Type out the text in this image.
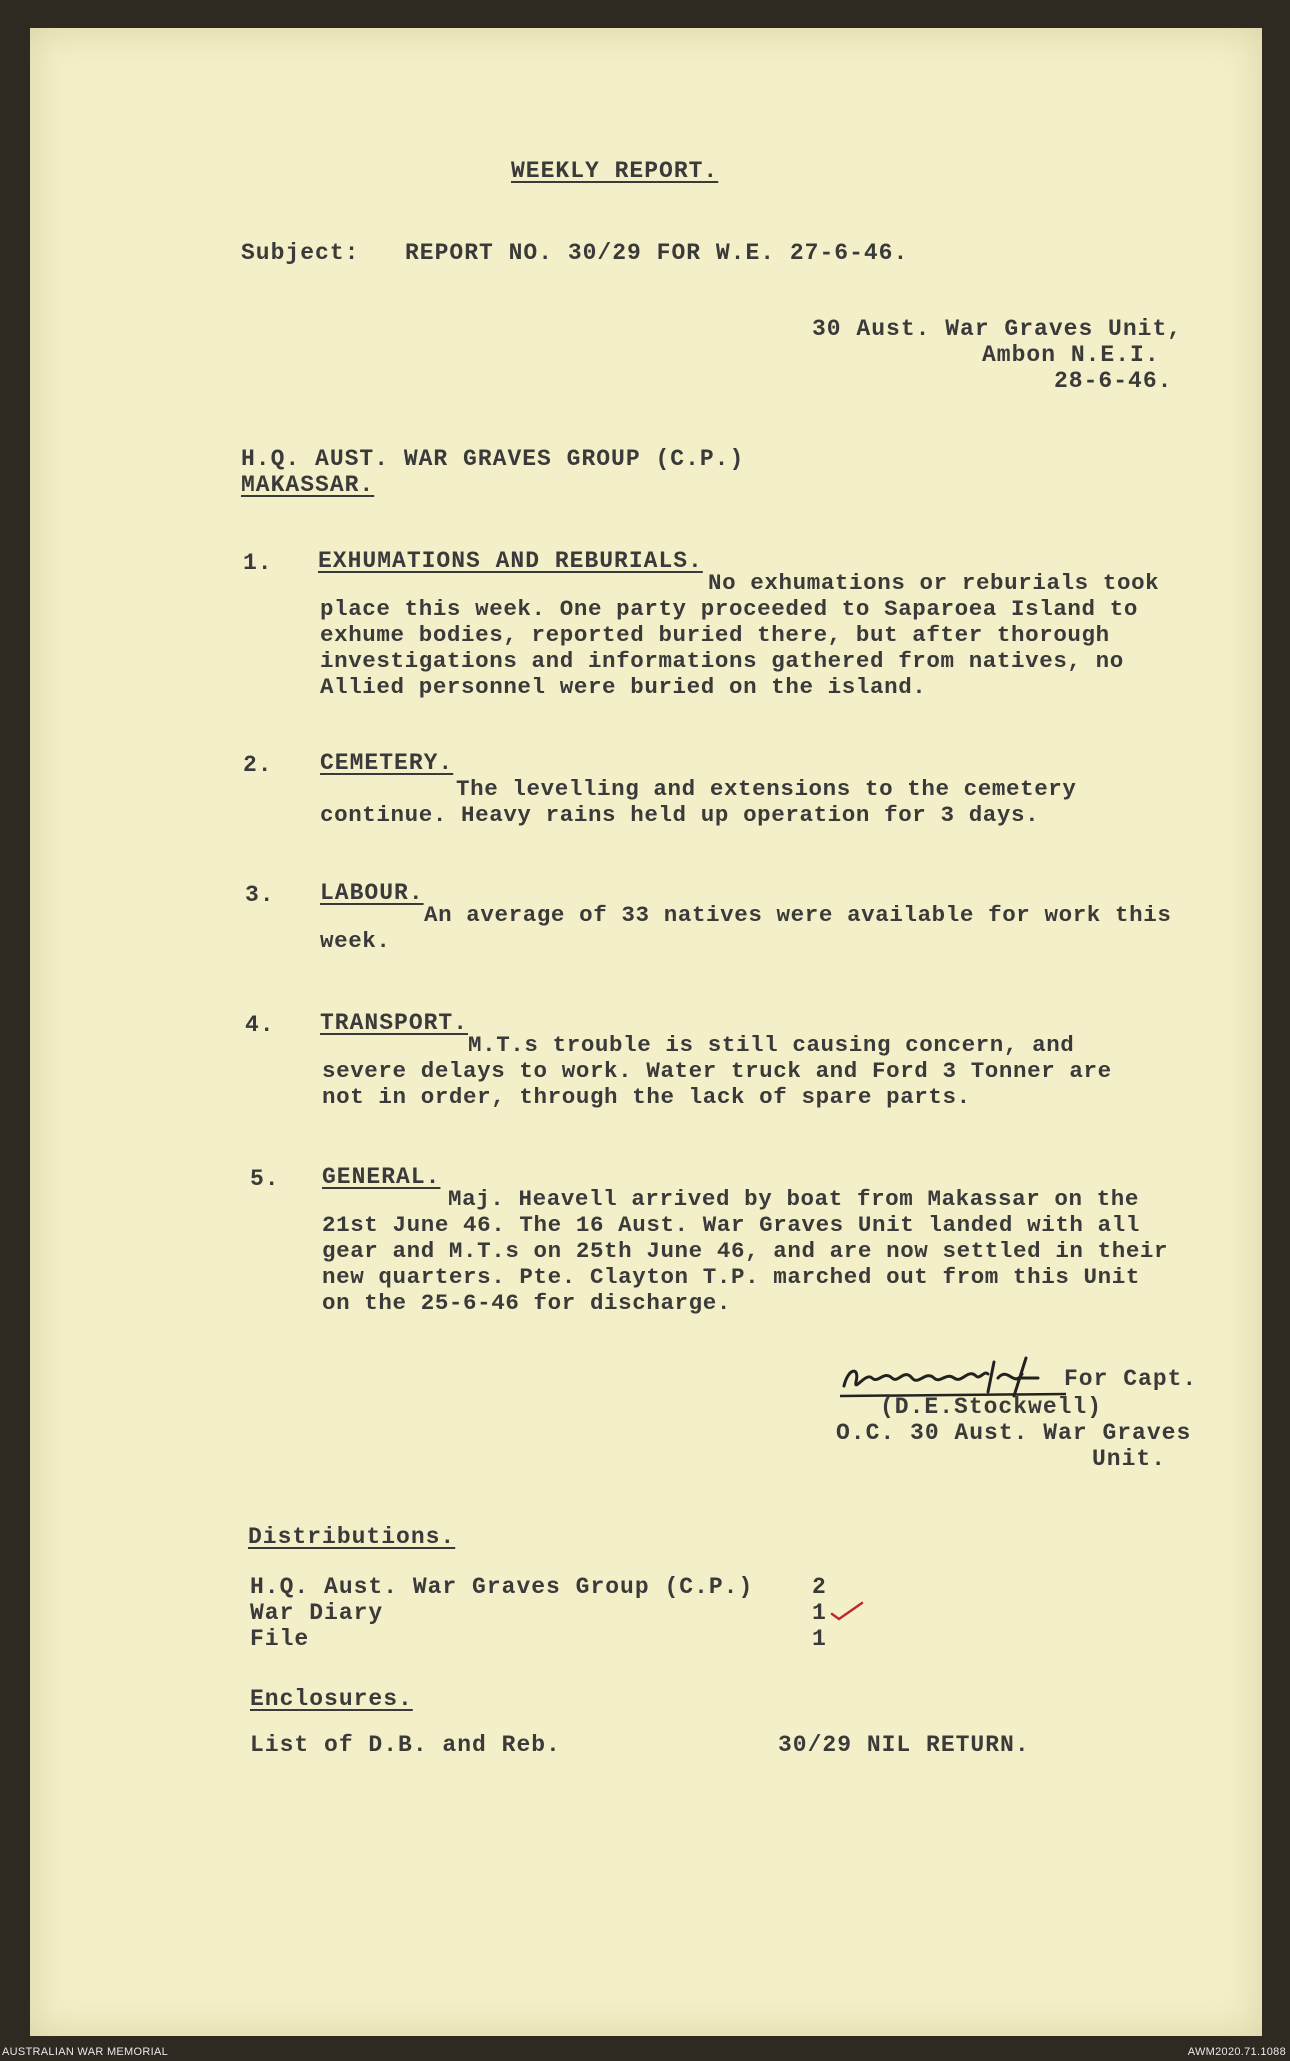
WEEKLY REPORT.
Subject: REPORT NO. 30/29 FOR W.E. 27-6-46.
30 Aust. War Graves Unit,
Ambon N.E.I.
28-6-46.
H.Q. AUST. WAR GRAVES GROUP (C.P.)
MAKASSAR.
1. EXHUMATIONS AND REBURIALS.
No exhumations or reburials took
place this week. One party proceeded to Saparoea Island to
exhume bodies, reported buried there, but after thorough
investigations and informations gathered from natives, no
Allied personnel were buried on the island.
2. CEMETERY.
The levelling and extensions to the cemetery
continue. Heavy rains held up operation for 3 days.
3. LABOUR.
An average of 33 natives were available for work this
week.
4. TRANSPORT.
M.T.s trouble is still causing concern, and
severe delays to work. Water truck and Ford 3 Tonner are
not in order, through the lack of spare parts.
5. GENERAL.
Maj. Heavell arrived by boat from Makassar on the
21st June 46. The 16 Aust. War Graves Unit landed with all
gear and M.T.s on 25th June 46, and are now settled in their
new quarters. Pte. Clayton T.P. marched out from this Unit
on the 25-6-46 for discharge.
For Capt.
(D.E.Stockwell)
O.C. 30 Aust. War Graves
Unit.
Distributions.
H.Q. Aust. War Graves Group (C.P.)	2
War Diary	1
File	1
Enclosures.
List of D.B. and Reb.	30/29 NIL RETURN.
AUSTRALIAN WAR MEMORIAL	AWM2020.71.1088
